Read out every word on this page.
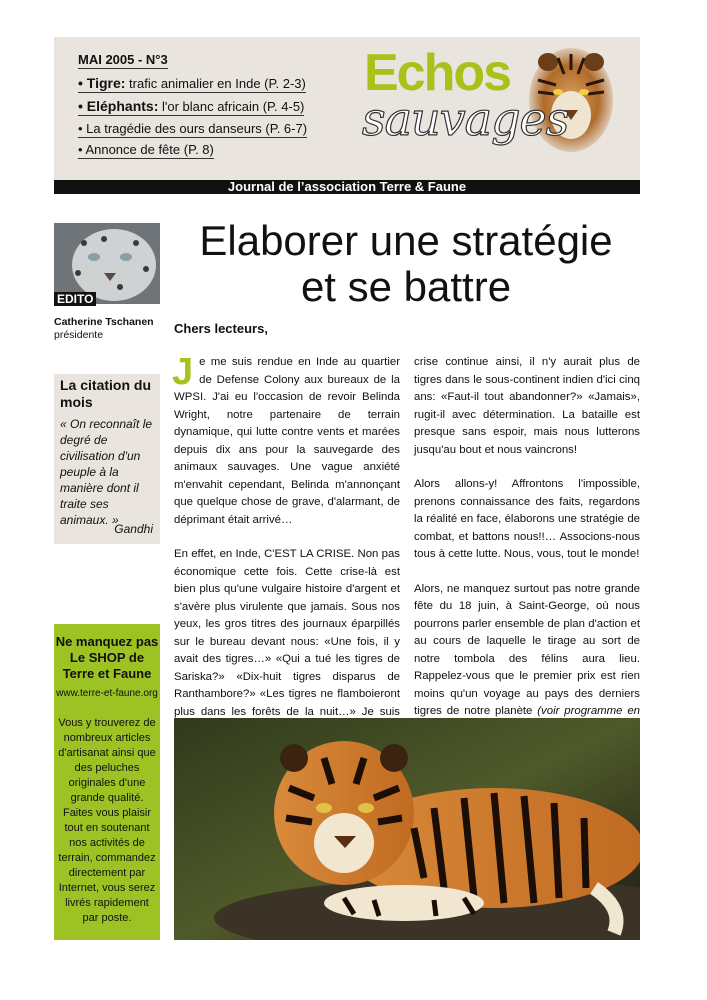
MAI 2005 - N°3
• Tigre: trafic animalier en Inde (P. 2-3)
• Eléphants: l'or blanc africain (P. 4-5)
• La tragédie des ours danseurs (P. 6-7)
• Annonce de fête (P. 8)
Echos
sauvages
Journal de l’association Terre & Faune
EDITO
Catherine Tschanen
présidente
La citation du mois
« On reconnaît le degré de civilisation d'un peuple à la manière dont il traite ses animaux. »
Gandhi
Ne manquez pas Le SHOP de Terre et Faune
www.terre-et-faune.org
Vous y trouverez de nombreux articles d'artisanat ainsi que des peluches originales d'une grande qualité. Faites vous plaisir tout en soutenant nos activités de terrain, commandez directement par Internet, vous serez livrés rapidement par poste.
Elaborer une stratégie
et se battre
Chers lecteurs,

Je me suis rendue en Inde au quartier de Defense Colony aux bureaux de la WPSI. J'ai eu l'occasion de revoir Belinda Wright, notre partenaire de terrain dynamique, qui lutte contre vents et marées depuis dix ans pour la sauvegarde des animaux sauvages. Une vague anxiété m'envahit cependant, Belinda m'annonçant que quelque chose de grave, d'alarmant, de déprimant était arrivé…

En effet, en Inde, C'EST LA CRISE. Non pas économique cette fois. Cette crise-là est bien plus qu'une vulgaire histoire d'argent et s'avère plus virulente que jamais. Sous nos yeux, les gros titres des journaux éparpillés sur le bureau devant nous: «Une fois, il y avait des tigres…» «Qui a tué les tigres de Sariska?» «Dix-huit tigres disparus de Ranthambore?» «Les tigres ne flamboieront plus dans les forêts de la nuit…» Je suis

crise continue ainsi, il n'y aurait plus de tigres dans le sous-continent indien d'ici cinq ans: «Faut-il tout abandonner?» «Jamais», rugit-il avec détermination. La bataille est presque sans espoir, mais nous lutterons jusqu'au bout et nous vaincrons!

Alors allons-y! Affrontons l'impossible, prenons connaissance des faits, regardons la réalité en face, élaborons une stratégie de combat, et battons nous!!… Associons-nous tous à cette lutte. Nous, vous, tout le monde!

Alors, ne manquez surtout pas notre grande fête du 18 juin, à Saint-George, où nous pourrons parler ensemble de plan d'action et au cours de laquelle le tirage au sort de notre tombola des félins aura lieu. Rappelez-vous que le premier prix est rien moins qu'un voyage au pays des derniers tigres de notre planète (voir programme en
